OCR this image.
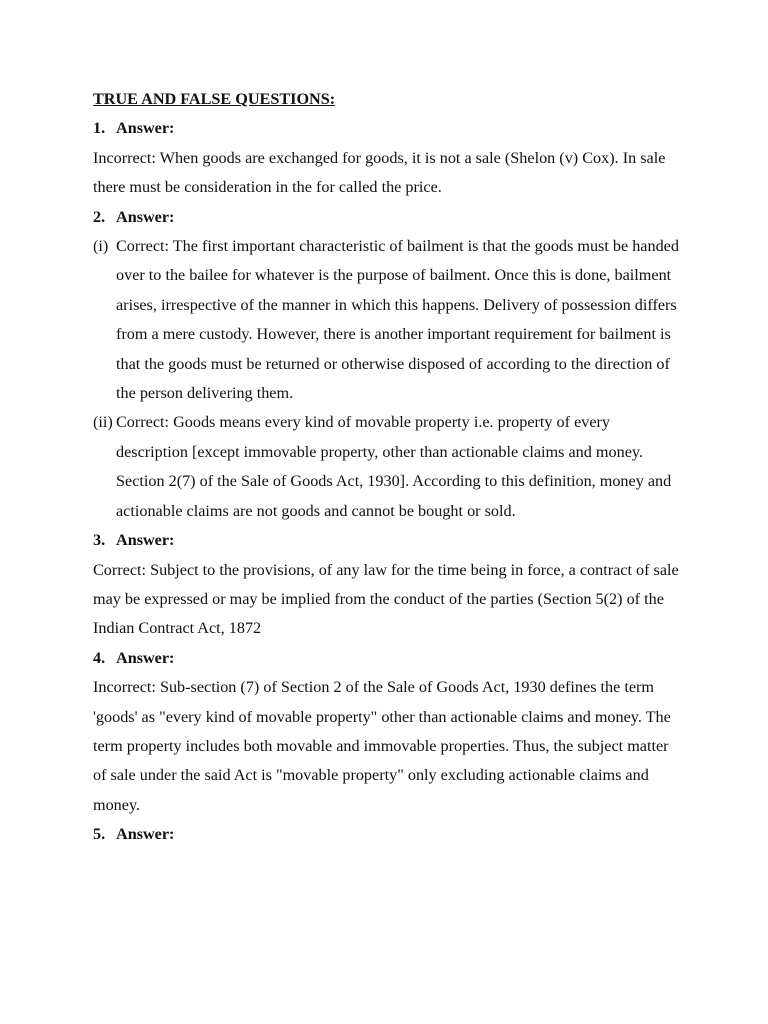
TRUE AND FALSE QUESTIONS:

1. Answer:

Incorrect: When goods are exchanged for goods, it is not a sale (Shelon (v) Cox). In sale there must be consideration in the for called the price.

2. Answer:

(i) Correct: The first important characteristic of bailment is that the goods must be handed over to the bailee for whatever is the purpose of bailment. Once this is done, bailment arises, irrespective of the manner in which this happens. Delivery of possession differs from a mere custody. However, there is another important requirement for bailment is that the goods must be returned or otherwise disposed of according to the direction of the person delivering them.
(ii) Correct: Goods means every kind of movable property i.e. property of every description [except immovable property, other than actionable claims and money. Section 2(7) of the Sale of Goods Act, 1930]. According to this definition, money and actionable claims are not goods and cannot be bought or sold.

3. Answer:

Correct: Subject to the provisions, of any law for the time being in force, a contract of sale may be expressed or may be implied from the conduct of the parties (Section 5(2) of the Indian Contract Act, 1872

4. Answer:

Incorrect: Sub-section (7) of Section 2 of the Sale of Goods Act, 1930 defines the term 'goods' as "every kind of movable property" other than actionable claims and money. The term property includes both movable and immovable properties. Thus, the subject matter of sale under the said Act is "movable property" only excluding actionable claims and money.

5. Answer:
